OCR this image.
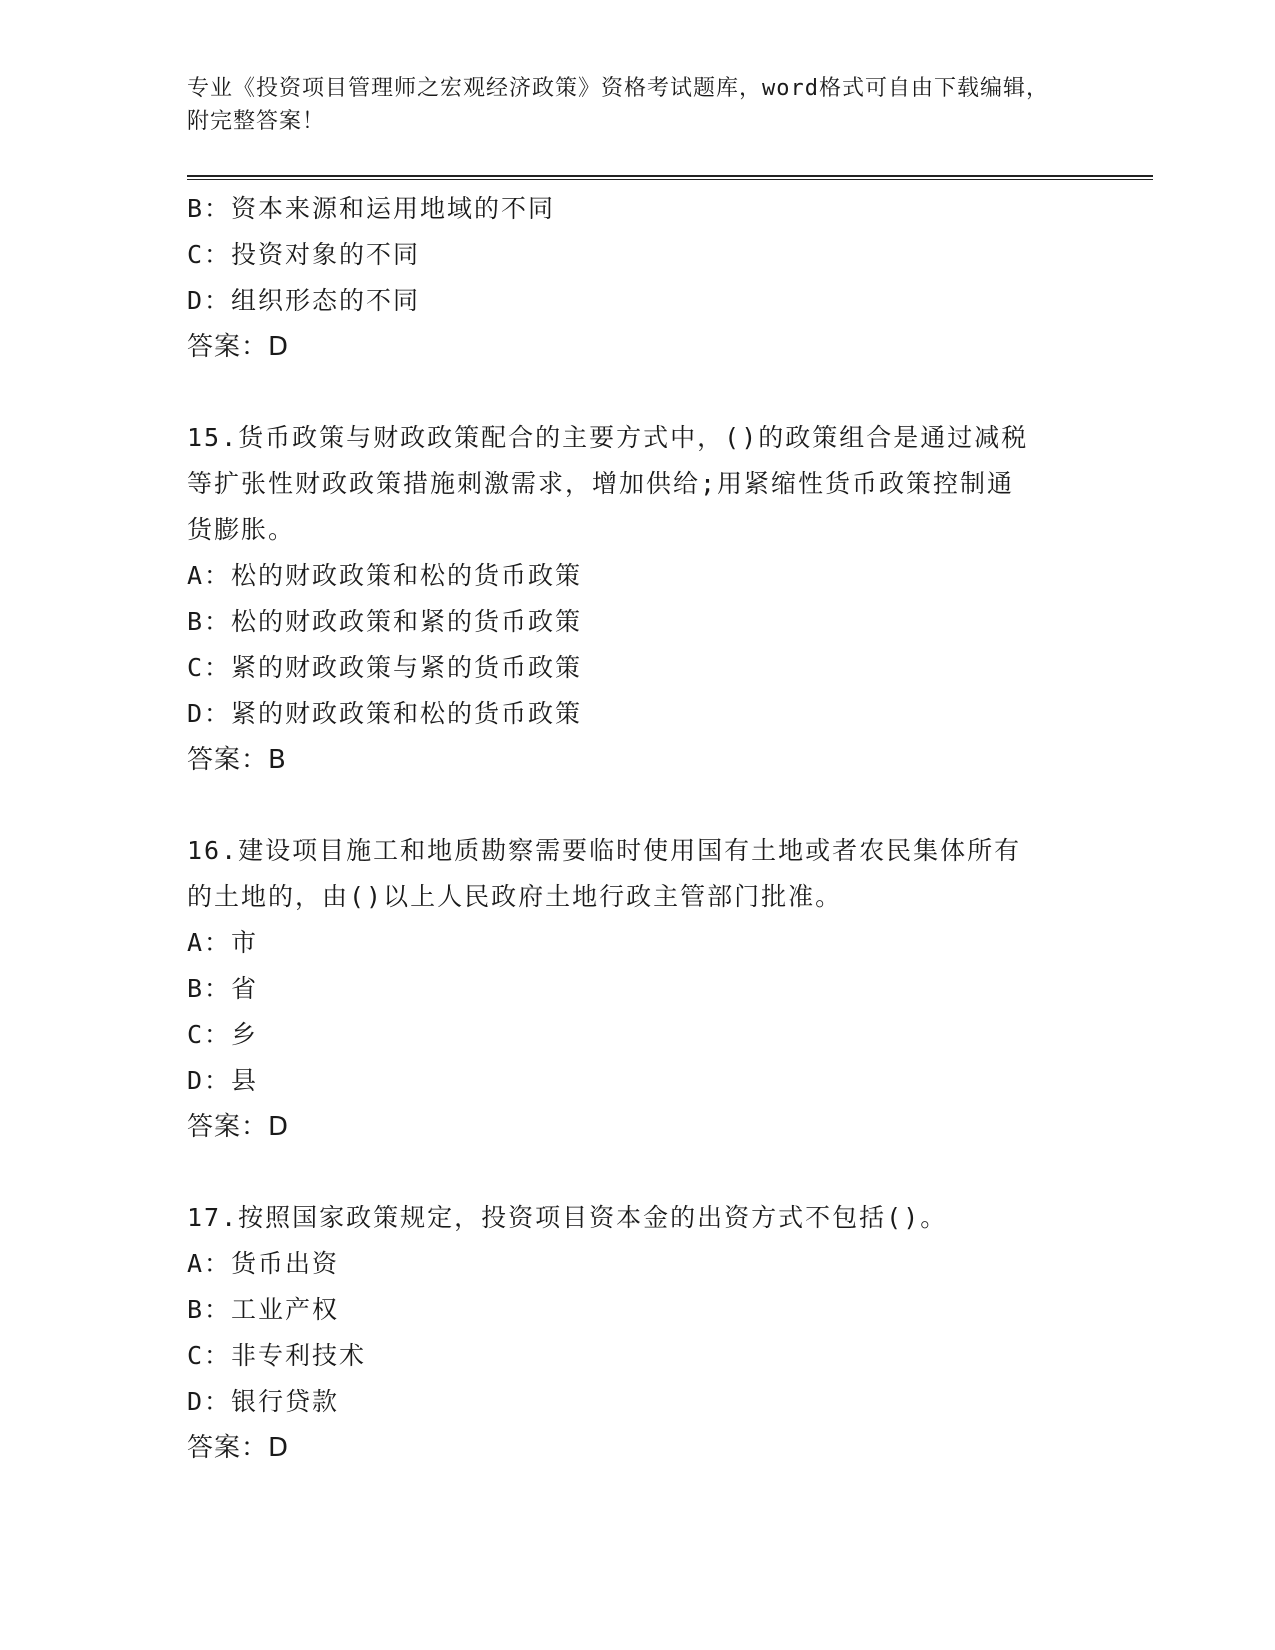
专业《投资项目管理师之宏观经济政策》资格考试题库，word格式可自由下载编辑，附完整答案！
B：资本来源和运用地域的不同
C：投资对象的不同
D：组织形态的不同
答案：D
15.货币政策与财政政策配合的主要方式中，()的政策组合是通过减税
等扩张性财政政策措施刺激需求，增加供给;用紧缩性货币政策控制通
货膨胀。
A：松的财政政策和松的货币政策
B：松的财政政策和紧的货币政策
C：紧的财政政策与紧的货币政策
D：紧的财政政策和松的货币政策
答案：B
16.建设项目施工和地质勘察需要临时使用国有土地或者农民集体所有
的土地的，由()以上人民政府土地行政主管部门批准。
A：市
B：省
C：乡
D：县
答案：D
17.按照国家政策规定，投资项目资本金的出资方式不包括()。
A：货币出资
B：工业产权
C：非专利技术
D：银行贷款
答案：D
